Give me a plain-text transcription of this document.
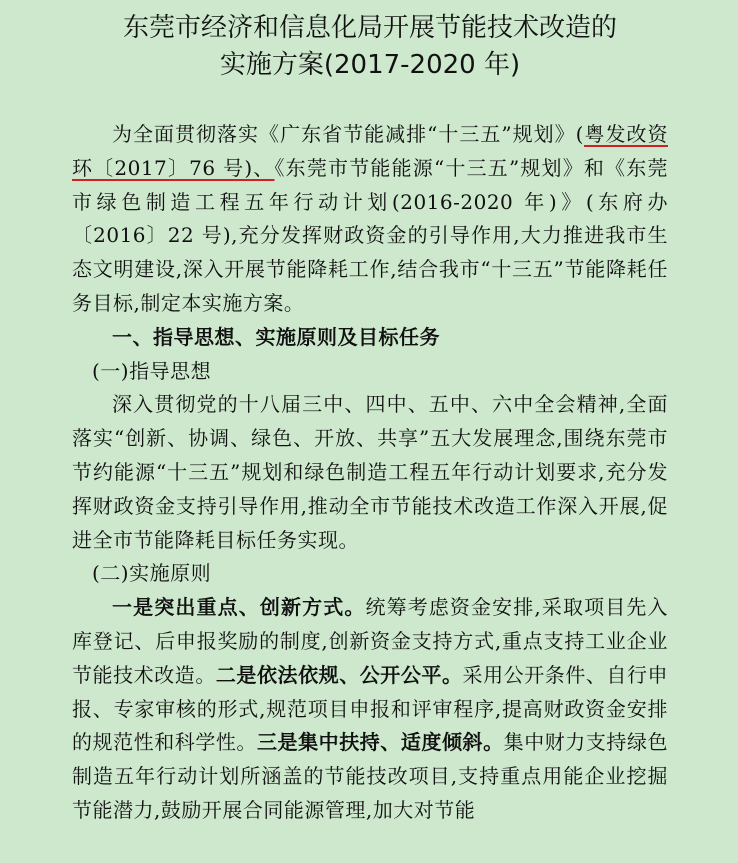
东莞市经济和信息化局开展节能技术改造的
实施方案(2017-2020 年)

为全面贯彻落实《广东省节能减排“十三五”规划》(粤发改资环〔2017〕76 号)、《东莞市节能能源“十三五”规划》和《东莞市绿色制造工程五年行动计划(2016-2020 年)》(东府办〔2016〕22 号),充分发挥财政资金的引导作用,大力推进我市生态文明建设,深入开展节能降耗工作,结合我市“十三五”节能降耗任务目标,制定本实施方案。

一、指导思想、实施原则及目标任务

(一)指导思想

深入贯彻党的十八届三中、四中、五中、六中全会精神,全面落实“创新、协调、绿色、开放、共享”五大发展理念,围绕东莞市节约能源“十三五”规划和绿色制造工程五年行动计划要求,充分发挥财政资金支持引导作用,推动全市节能技术改造工作深入开展,促进全市节能降耗目标任务实现。

(二)实施原则

一是突出重点、创新方式。统筹考虑资金安排,采取项目先入库登记、后申报奖励的制度,创新资金支持方式,重点支持工业企业节能技术改造。二是依法依规、公开公平。采用公开条件、自行申报、专家审核的形式,规范项目申报和评审程序,提高财政资金安排的规范性和科学性。三是集中扶持、适度倾斜。集中财力支持绿色制造五年行动计划所涵盖的节能技改项目,支持重点用能企业挖掘节能潜力,鼓励开展合同能源管理,加大对节能
